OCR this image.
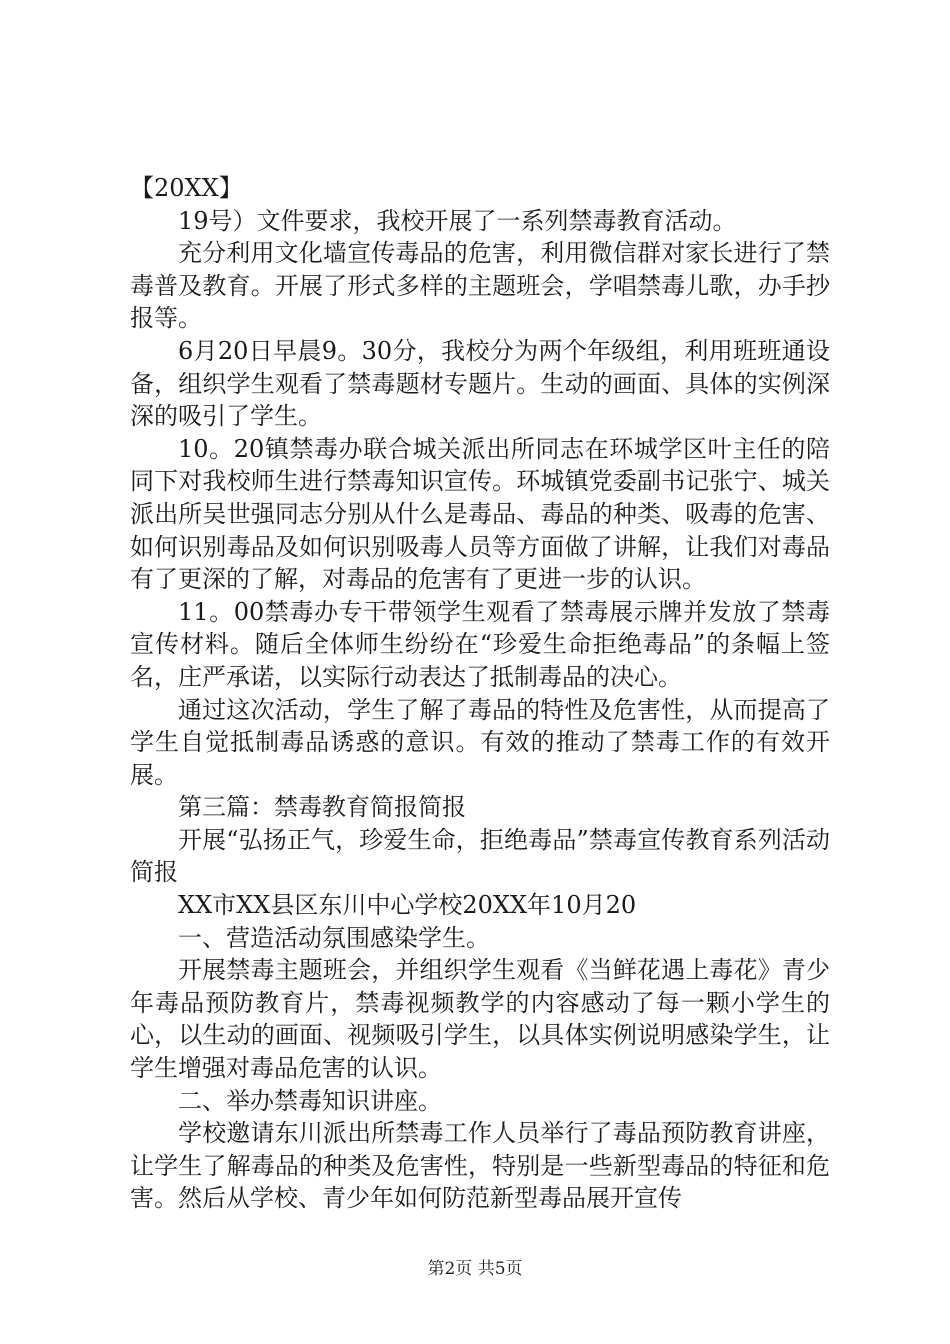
【20XX】

19号）文件要求，我校开展了一系列禁毒教育活动。

充分利用文化墙宣传毒品的危害，利用微信群对家长进行了禁毒普及教育。开展了形式多样的主题班会，学唱禁毒儿歌，办手抄报等。

6月20日早晨9。30分，我校分为两个年级组，利用班班通设备，组织学生观看了禁毒题材专题片。生动的画面、具体的实例深深的吸引了学生。

10。20镇禁毒办联合城关派出所同志在环城学区叶主任的陪同下对我校师生进行禁毒知识宣传。环城镇党委副书记张宁、城关派出所吴世强同志分别从什么是毒品、毒品的种类、吸毒的危害、如何识别毒品及如何识别吸毒人员等方面做了讲解，让我们对毒品有了更深的了解，对毒品的危害有了更进一步的认识。

11。00禁毒办专干带领学生观看了禁毒展示牌并发放了禁毒宣传材料。随后全体师生纷纷在“珍爱生命拒绝毒品”的条幅上签名，庄严承诺，以实际行动表达了抵制毒品的决心。

通过这次活动，学生了解了毒品的特性及危害性，从而提高了学生自觉抵制毒品诱惑的意识。有效的推动了禁毒工作的有效开展。

第三篇：禁毒教育简报简报

开展“弘扬正气，珍爱生命，拒绝毒品”禁毒宣传教育系列活动简报

XX市XX县区东川中心学校20XX年10月20

一、营造活动氛围感染学生。

开展禁毒主题班会，并组织学生观看《当鲜花遇上毒花》青少年毒品预防教育片，禁毒视频教学的内容感动了每一颗小学生的心，以生动的画面、视频吸引学生，以具体实例说明感染学生，让学生增强对毒品危害的认识。

二、举办禁毒知识讲座。

学校邀请东川派出所禁毒工作人员举行了毒品预防教育讲座，让学生了解毒品的种类及危害性，特别是一些新型毒品的特征和危害。然后从学校、青少年如何防范新型毒品展开宣传

第2页 共5页
